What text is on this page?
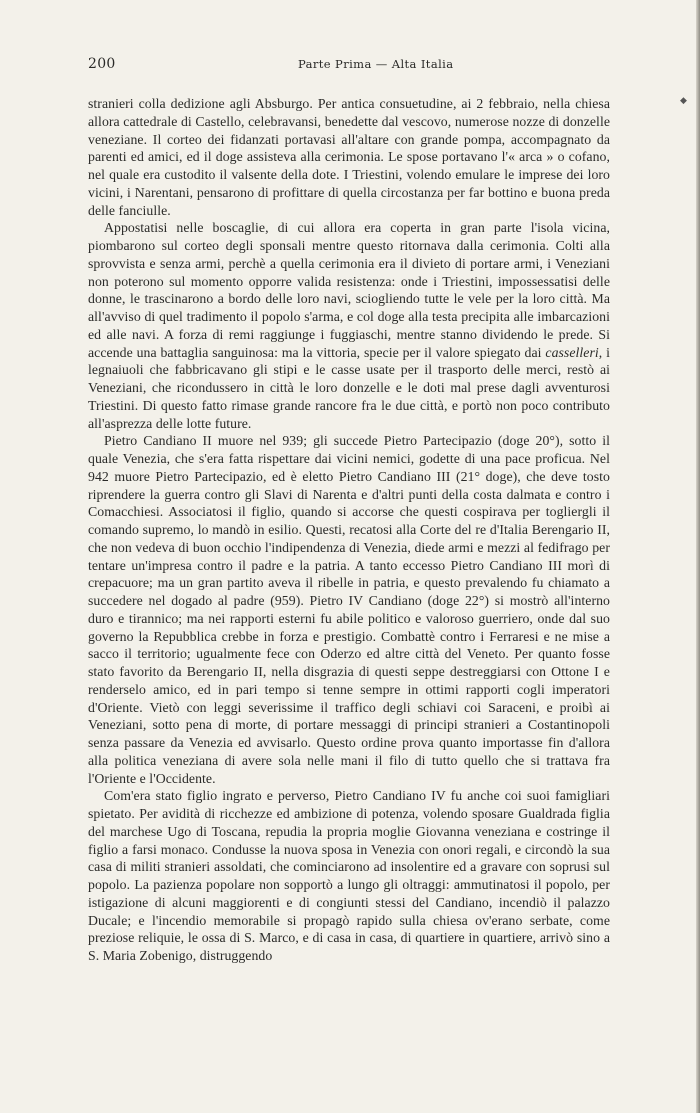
200	Parte Prima — Alta Italia
◆

stranieri colla dedizione agli Absburgo. Per antica consuetudine, ai 2 febbraio, nella chiesa allora cattedrale di Castello, celebravansi, benedette dal vescovo, numerose nozze di donzelle veneziane. Il corteo dei fidanzati portavasi all'altare con grande pompa, accompagnato da parenti ed amici, ed il doge assisteva alla cerimonia. Le spose portavano l'« arca » o cofano, nel quale era custodito il valsente della dote. I Triestini, volendo emulare le imprese dei loro vicini, i Narentani, pensarono di profittare di quella circostanza per far bottino e buona preda delle fanciulle.

Appostatisi nelle boscaglie, di cui allora era coperta in gran parte l'isola vicina, piombarono sul corteo degli sponsali mentre questo ritornava dalla cerimonia. Colti alla sprovvista e senza armi, perchè a quella cerimonia era il divieto di portare armi, i Veneziani non poterono sul momento opporre valida resistenza: onde i Triestini, impossessatisi delle donne, le trascinarono a bordo delle loro navi, sciogliendo tutte le vele per la loro città. Ma all'avviso di quel tradimento il popolo s'arma, e col doge alla testa precipita alle imbarcazioni ed alle navi. A forza di remi raggiunge i fuggiaschi, mentre stanno dividendo le prede. Si accende una battaglia sanguinosa: ma la vittoria, specie per il valore spiegato dai casselleri, i legnaiuoli che fabbricavano gli stipi e le casse usate per il trasporto delle merci, restò ai Veneziani, che ricondussero in città le loro donzelle e le doti mal prese dagli avventurosi Triestini. Di questo fatto rimase grande rancore fra le due città, e portò non poco contributo all'asprezza delle lotte future.

Pietro Candiano II muore nel 939; gli succede Pietro Partecipazio (doge 20°), sotto il quale Venezia, che s'era fatta rispettare dai vicini nemici, godette di una pace proficua. Nel 942 muore Pietro Partecipazio, ed è eletto Pietro Candiano III (21° doge), che deve tosto riprendere la guerra contro gli Slavi di Narenta e d'altri punti della costa dalmata e contro i Comacchiesi. Associatosi il figlio, quando si accorse che questi cospirava per togliergli il comando supremo, lo mandò in esilio. Questi, recatosi alla Corte del re d'Italia Berengario II, che non vedeva di buon occhio l'indipendenza di Venezia, diede armi e mezzi al fedifrago per tentare un'impresa contro il padre e la patria. A tanto eccesso Pietro Candiano III morì di crepacuore; ma un gran partito aveva il ribelle in patria, e questo prevalendo fu chiamato a succedere nel dogado al padre (959). Pietro IV Candiano (doge 22°) si mostrò all'interno duro e tirannico; ma nei rapporti esterni fu abile politico e valoroso guerriero, onde dal suo governo la Repubblica crebbe in forza e prestigio. Combattè contro i Ferraresi e ne mise a sacco il territorio; ugualmente fece con Oderzo ed altre città del Veneto. Per quanto fosse stato favorito da Berengario II, nella disgrazia di questi seppe destreggiarsi con Ottone I e renderselo amico, ed in pari tempo si tenne sempre in ottimi rapporti cogli imperatori d'Oriente. Vietò con leggi severissime il traffico degli schiavi coi Saraceni, e proibì ai Veneziani, sotto pena di morte, di portare messaggi di principi stranieri a Costantinopoli senza passare da Venezia ed avvisarlo. Questo ordine prova quanto importasse fin d'allora alla politica veneziana di avere sola nelle mani il filo di tutto quello che si trattava fra l'Oriente e l'Occidente.

Com'era stato figlio ingrato e perverso, Pietro Candiano IV fu anche coi suoi famigliari spietato. Per avidità di ricchezze ed ambizione di potenza, volendo sposare Gualdrada figlia del marchese Ugo di Toscana, repudia la propria moglie Giovanna veneziana e costringe il figlio a farsi monaco. Condusse la nuova sposa in Venezia con onori regali, e circondò la sua casa di militi stranieri assoldati, che cominciarono ad insolentire ed a gravare con soprusi sul popolo. La pazienza popolare non sopportò a lungo gli oltraggi: ammutinatosi il popolo, per istigazione di alcuni maggiorenti e di congiunti stessi del Candiano, incendiò il palazzo Ducale; e l'incendio memorabile si propagò rapido sulla chiesa ov'erano serbate, come preziose reliquie, le ossa di S. Marco, e di casa in casa, di quartiere in quartiere, arrivò sino a S. Maria Zobenigo, distruggendo
